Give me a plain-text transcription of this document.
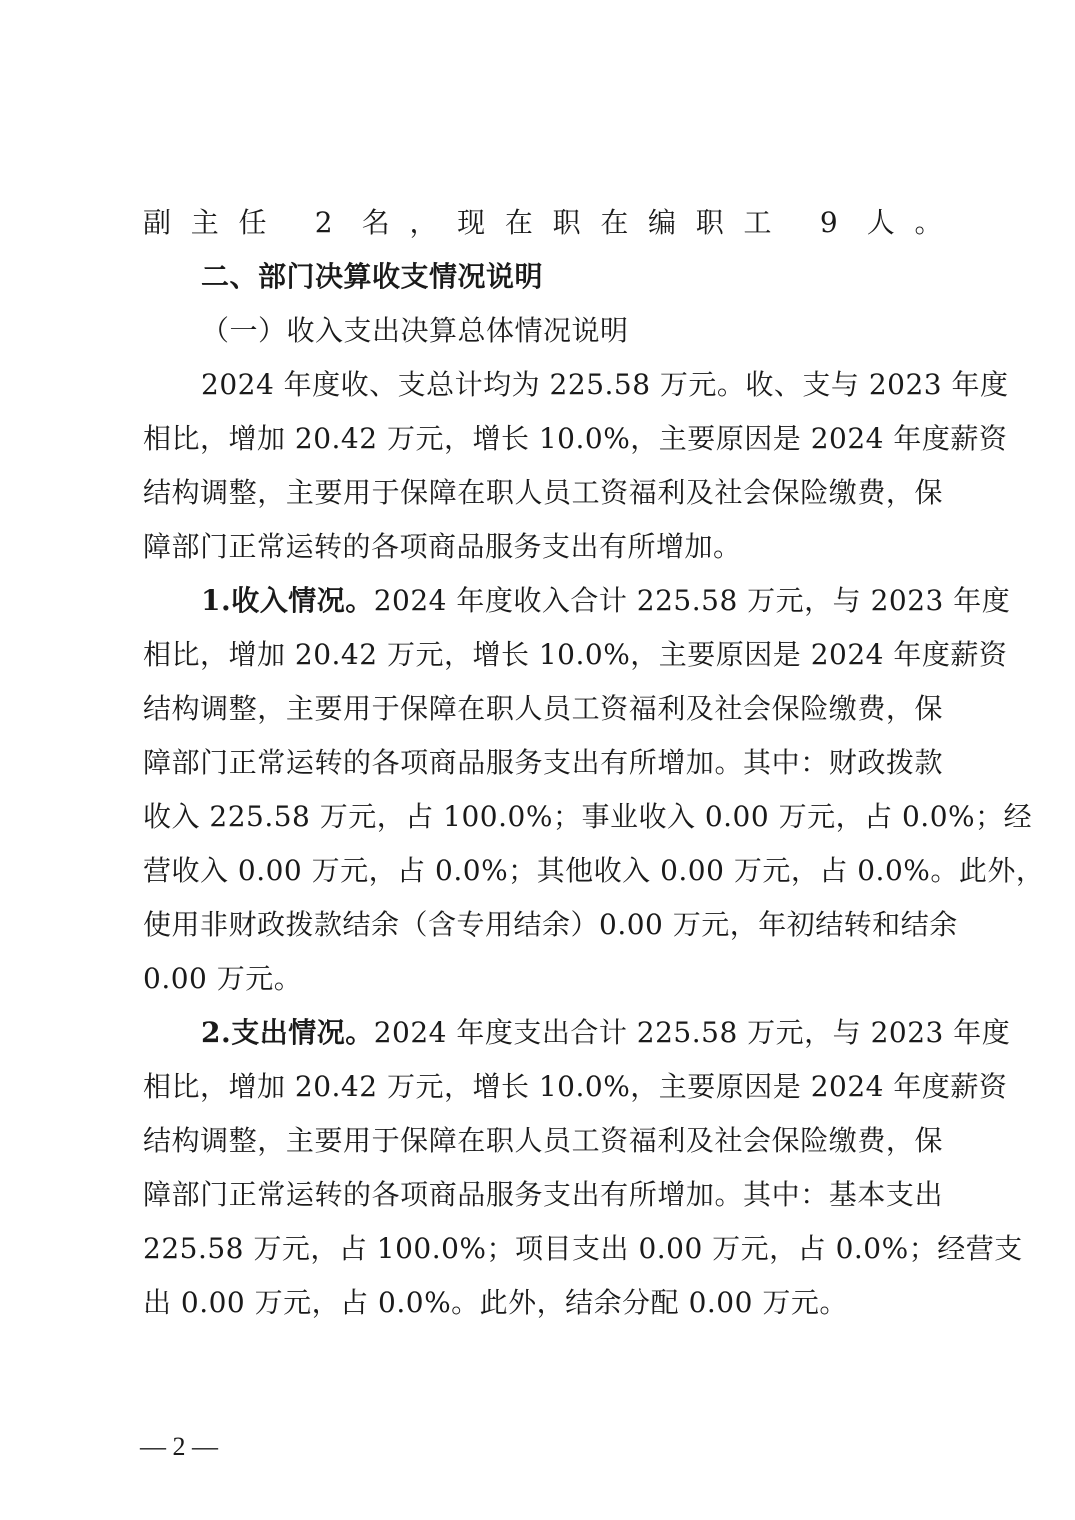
副主任 2 名，现在职在编职工 9 人。
二、部门决算收支情况说明
（一）收入支出决算总体情况说明
2024 年度收、支总计均为 225.58 万元。收、支与 2023 年度
相比，增加 20.42 万元，增长 10.0%，主要原因是 2024 年度薪资
结构调整，主要用于保障在职人员工资福利及社会保险缴费，保
障部门正常运转的各项商品服务支出有所增加。
1.收入情况。2024 年度收入合计 225.58 万元，与 2023 年度
相比，增加 20.42 万元，增长 10.0%，主要原因是 2024 年度薪资
结构调整，主要用于保障在职人员工资福利及社会保险缴费，保
障部门正常运转的各项商品服务支出有所增加。其中：财政拨款
收入 225.58 万元，占 100.0%；事业收入 0.00 万元，占 0.0%；经
营收入 0.00 万元，占 0.0%；其他收入 0.00 万元，占 0.0%。此外，
使用非财政拨款结余（含专用结余）0.00 万元，年初结转和结余
0.00 万元。
2.支出情况。2024 年度支出合计 225.58 万元，与 2023 年度
相比，增加 20.42 万元，增长 10.0%，主要原因是 2024 年度薪资
结构调整，主要用于保障在职人员工资福利及社会保险缴费，保
障部门正常运转的各项商品服务支出有所增加。其中：基本支出
225.58 万元，占 100.0%；项目支出 0.00 万元，占 0.0%；经营支
出 0.00 万元，占 0.0%。此外，结余分配 0.00 万元。
— 2 —
